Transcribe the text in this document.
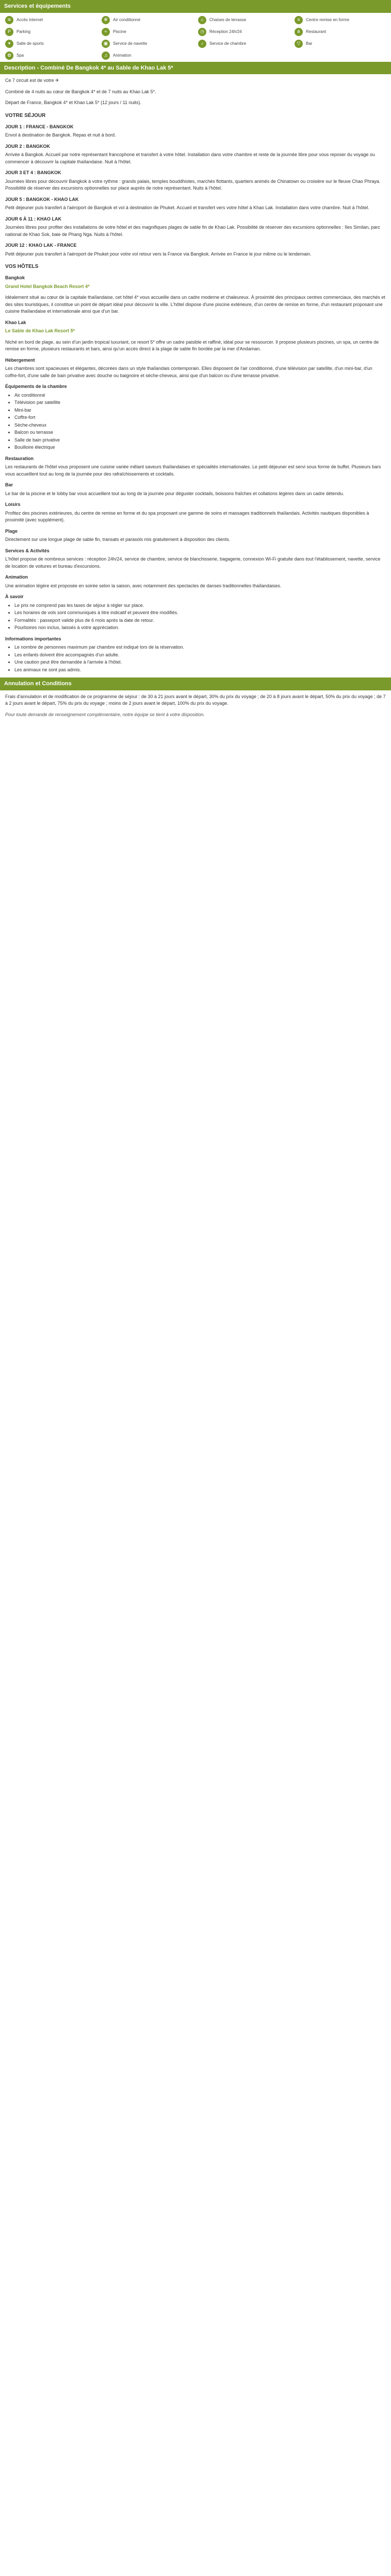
Services et équipements
≋	Accès Internet	✻	Air conditionné	⌂	Chaises de terrasse	≡	Centre remise en forme
P	Parking	≈	Piscine	◷	Réception 24h/24	⋔	Restaurant
✦	Salle de sports	▣	Service de navette	♪	Service de chambre	▽	Bar
✿	Spa	♫	Animation
Description - Combiné De Bangkok 4* au Sable de Khao Lak 5*

Ce 7 circuit est de votre ✈

Combiné de 4 nuits au cœur de Bangkok 4* et de 7 nuits au Khao Lak 5*.

Départ de France, Bangkok 4* et Khao Lak 5* (12 jours / 11 nuits).

VOTRE SÉJOUR
JOUR 1 : FRANCE - BANGKOK

Envol à destination de Bangkok. Repas et nuit à bord.

JOUR 2 : BANGKOK

Arrivée à Bangkok. Accueil par notre représentant francophone et transfert à votre hôtel. Installation dans votre chambre et reste de la journée libre pour vous reposer du voyage ou commencer à découvrir la capitale thaïlandaise. Nuit à l'hôtel.

JOUR 3 ET 4 : BANGKOK

Journées libres pour découvrir Bangkok à votre rythme : grands palais, temples bouddhistes, marchés flottants, quartiers animés de Chinatown ou croisière sur le fleuve Chao Phraya. Possibilité de réserver des excursions optionnelles sur place auprès de notre représentant. Nuits à l'hôtel.

JOUR 5 : BANGKOK - KHAO LAK

Petit déjeuner puis transfert à l'aéroport de Bangkok et vol à destination de Phuket. Accueil et transfert vers votre hôtel à Khao Lak. Installation dans votre chambre. Nuit à l'hôtel.

JOUR 6 À 11 : KHAO LAK

Journées libres pour profiter des installations de votre hôtel et des magnifiques plages de sable fin de Khao Lak. Possibilité de réserver des excursions optionnelles : îles Similan, parc national de Khao Sok, baie de Phang Nga. Nuits à l'hôtel.

JOUR 12 : KHAO LAK - FRANCE

Petit déjeuner puis transfert à l'aéroport de Phuket pour votre vol retour vers la France via Bangkok. Arrivée en France le jour même ou le lendemain.

VOS HÔTELS
Bangkok

Grand Hotel Bangkok Beach Resort 4*

Idéalement situé au cœur de la capitale thaïlandaise, cet hôtel 4* vous accueille dans un cadre moderne et chaleureux. À proximité des principaux centres commerciaux, des marchés et des sites touristiques, il constitue un point de départ idéal pour découvrir la ville. L'hôtel dispose d'une piscine extérieure, d'un centre de remise en forme, d'un restaurant proposant une cuisine thaïlandaise et internationale ainsi que d'un bar.

Khao Lak

Le Sable de Khao Lak Resort 5*

Niché en bord de plage, au sein d'un jardin tropical luxuriant, ce resort 5* offre un cadre paisible et raffiné, idéal pour se ressourcer. Il propose plusieurs piscines, un spa, un centre de remise en forme, plusieurs restaurants et bars, ainsi qu'un accès direct à la plage de sable fin bordée par la mer d'Andaman.

Hébergement

Les chambres sont spacieuses et élégantes, décorées dans un style thaïlandais contemporain. Elles disposent de l'air conditionné, d'une télévision par satellite, d'un mini-bar, d'un coffre-fort, d'une salle de bain privative avec douche ou baignoire et sèche-cheveux, ainsi que d'un balcon ou d'une terrasse privative.

Équipements de la chambre
• Air conditionné
• Télévision par satellite
• Mini-bar
• Coffre-fort
• Sèche-cheveux
• Balcon ou terrasse
• Salle de bain privative
• Bouilloire électrique
Restauration

Les restaurants de l'hôtel vous proposent une cuisine variée mêlant saveurs thaïlandaises et spécialités internationales. Le petit déjeuner est servi sous forme de buffet. Plusieurs bars vous accueillent tout au long de la journée pour des rafraîchissements et cocktails.

Bar

Le bar de la piscine et le lobby bar vous accueillent tout au long de la journée pour déguster cocktails, boissons fraîches et collations légères dans un cadre détendu.

Loisirs

Profitez des piscines extérieures, du centre de remise en forme et du spa proposant une gamme de soins et massages traditionnels thaïlandais. Activités nautiques disponibles à proximité (avec supplément).

Plage

Directement sur une longue plage de sable fin, transats et parasols mis gratuitement à disposition des clients.

Services & Activités

L'hôtel propose de nombreux services : réception 24h/24, service de chambre, service de blanchisserie, bagagerie, connexion Wi-Fi gratuite dans tout l'établissement, navette, service de location de voitures et bureau d'excursions.

Animation

Une animation légère est proposée en soirée selon la saison, avec notamment des spectacles de danses traditionnelles thaïlandaises.

À savoir
• Le prix ne comprend pas les taxes de séjour à régler sur place.
• Les horaires de vols sont communiqués à titre indicatif et peuvent être modifiés.
• Formalités : passeport valide plus de 6 mois après la date de retour.
• Pourboires non inclus, laissés à votre appréciation.
Informations importantes
• Le nombre de personnes maximum par chambre est indiqué lors de la réservation.
• Les enfants doivent être accompagnés d'un adulte.
• Une caution peut être demandée à l'arrivée à l'hôtel.
• Les animaux ne sont pas admis.
Annulation et Conditions

Frais d'annulation et de modification de ce programme de séjour : de 30 à 21 jours avant le départ, 30% du prix du voyage ; de 20 à 8 jours avant le départ, 50% du prix du voyage ; de 7 à 2 jours avant le départ, 75% du prix du voyage ; moins de 2 jours avant le départ, 100% du prix du voyage.

Pour toute demande de renseignement complémentaire, notre équipe se tient à votre disposition.
